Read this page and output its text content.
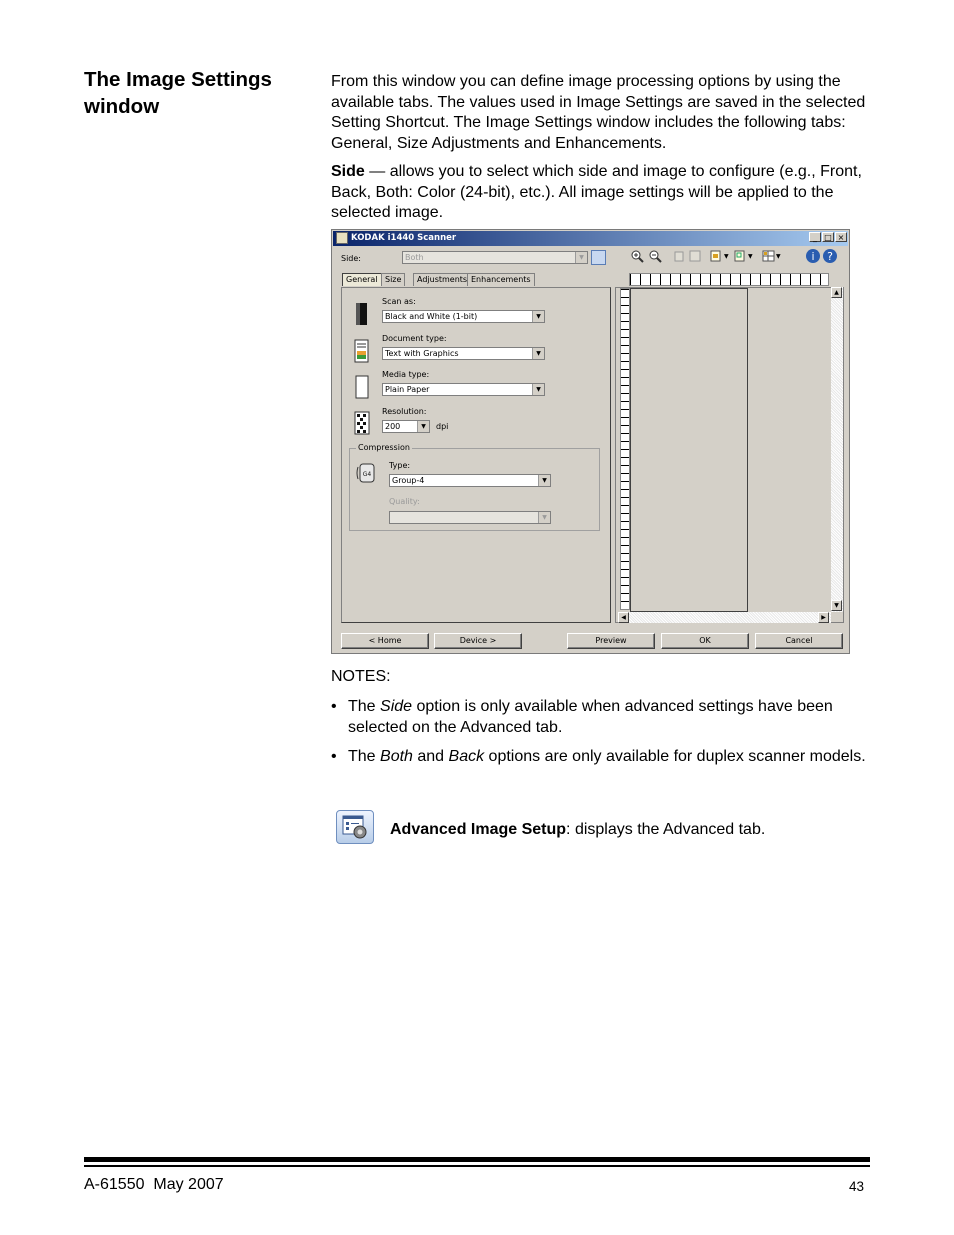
The Image Settings window
From this window you can define image processing options by using the available tabs. The values used in Image Settings are saved in the selected Setting Shortcut. The Image Settings window includes the following tabs: General, Size Adjustments and Enhancements.
Side — allows you to select which side and image to configure (e.g., Front, Back, Both: Color (24-bit), etc.). All image settings will be applied to the selected image.
KODAK i1440 Scanner	_ □ ×
Side:	Both	▼	▼	▼	▼	i ?
General Size	Adjustments Enhancements
Scan as:
Black and White (1-bit)	▼
Document type:
Text with Graphics	▼
Media type:
Plain Paper	▼
Resolution:
200	▼	dpi
Compression
G4
Type:
Group-4	▼
Quality:
▼
▲
▼
◀	▶
< Home	Device >	Preview	OK	Cancel
NOTES:
• The Side option is only available when advanced settings have been selected on the Advanced tab.
• The Both and Back options are only available for duplex scanner models.
Advanced Image Setup: displays the Advanced tab.
A-61550  May 2007	43
